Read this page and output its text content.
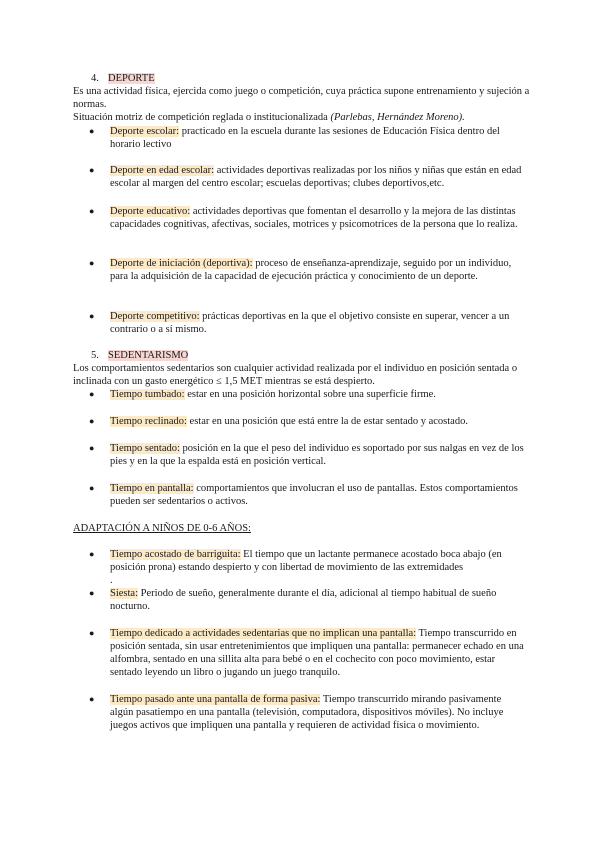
4. DEPORTE

Es una actividad física, ejercida como juego o competición, cuya práctica supone entrenamiento y sujeción a normas.

Situación motriz de competición reglada o institucionalizada (Parlebas, Hernández Moreno).

● Deporte escolar: practicado en la escuela durante las sesiones de Educación Física dentro del horario lectivo
● Deporte en edad escolar: actividades deportivas realizadas por los niños y niñas que están en edad escolar al margen del centro escolar; escuelas deportivas; clubes deportivos,etc.
● Deporte educativo: actividades deportivas que fomentan el desarrollo y la mejora de las distintas capacidades cognitivas, afectivas, sociales, motrices y psicomotrices de la persona que lo realiza.
● Deporte de iniciación (deportiva): proceso de enseñanza-aprendizaje, seguido por un individuo, para la adquisición de la capacidad de ejecución práctica y conocimiento de un deporte.
● Deporte competitivo: prácticas deportivas en la que el objetivo consiste en superar, vencer a un contrario o a sí mismo.

5. SEDENTARISMO

Los comportamientos sedentarios son cualquier actividad realizada por el individuo en posición sentada o inclinada con un gasto energético ≤ 1,5 MET mientras se está despierto.

● Tiempo tumbado: estar en una posición horizontal sobre una superficie firme.
● Tiempo reclinado: estar en una posición que está entre la de estar sentado y acostado.
● Tiempo sentado: posición en la que el peso del individuo es soportado por sus nalgas en vez de los pies y en la que la espalda está en posición vertical.
● Tiempo en pantalla: comportamientos que involucran el uso de pantallas. Estos comportamientos pueden ser sedentarios o activos.

ADAPTACIÓN A NIÑOS DE 0-6 AÑOS:

● Tiempo acostado de barriguita: El tiempo que un lactante permanece acostado boca abajo (en posición prona) estando despierto y con libertad de movimiento de las extremidades
● Siesta: Periodo de sueño, generalmente durante el día, adicional al tiempo habitual de sueño nocturno.
● Tiempo dedicado a actividades sedentarias que no implican una pantalla: Tiempo transcurrido en posición sentada, sin usar entretenimientos que impliquen una pantalla: permanecer echado en una alfombra, sentado en una sillita alta para bebé o en el cochecito con poco movimiento, estar sentado leyendo un libro o jugando un juego tranquilo.
● Tiempo pasado ante una pantalla de forma pasiva: Tiempo transcurrido mirando pasivamente algún pasatiempo en una pantalla (televisión, computadora, dispositivos móviles). No incluye juegos activos que impliquen una pantalla y requieren de actividad física o movimiento.

.
